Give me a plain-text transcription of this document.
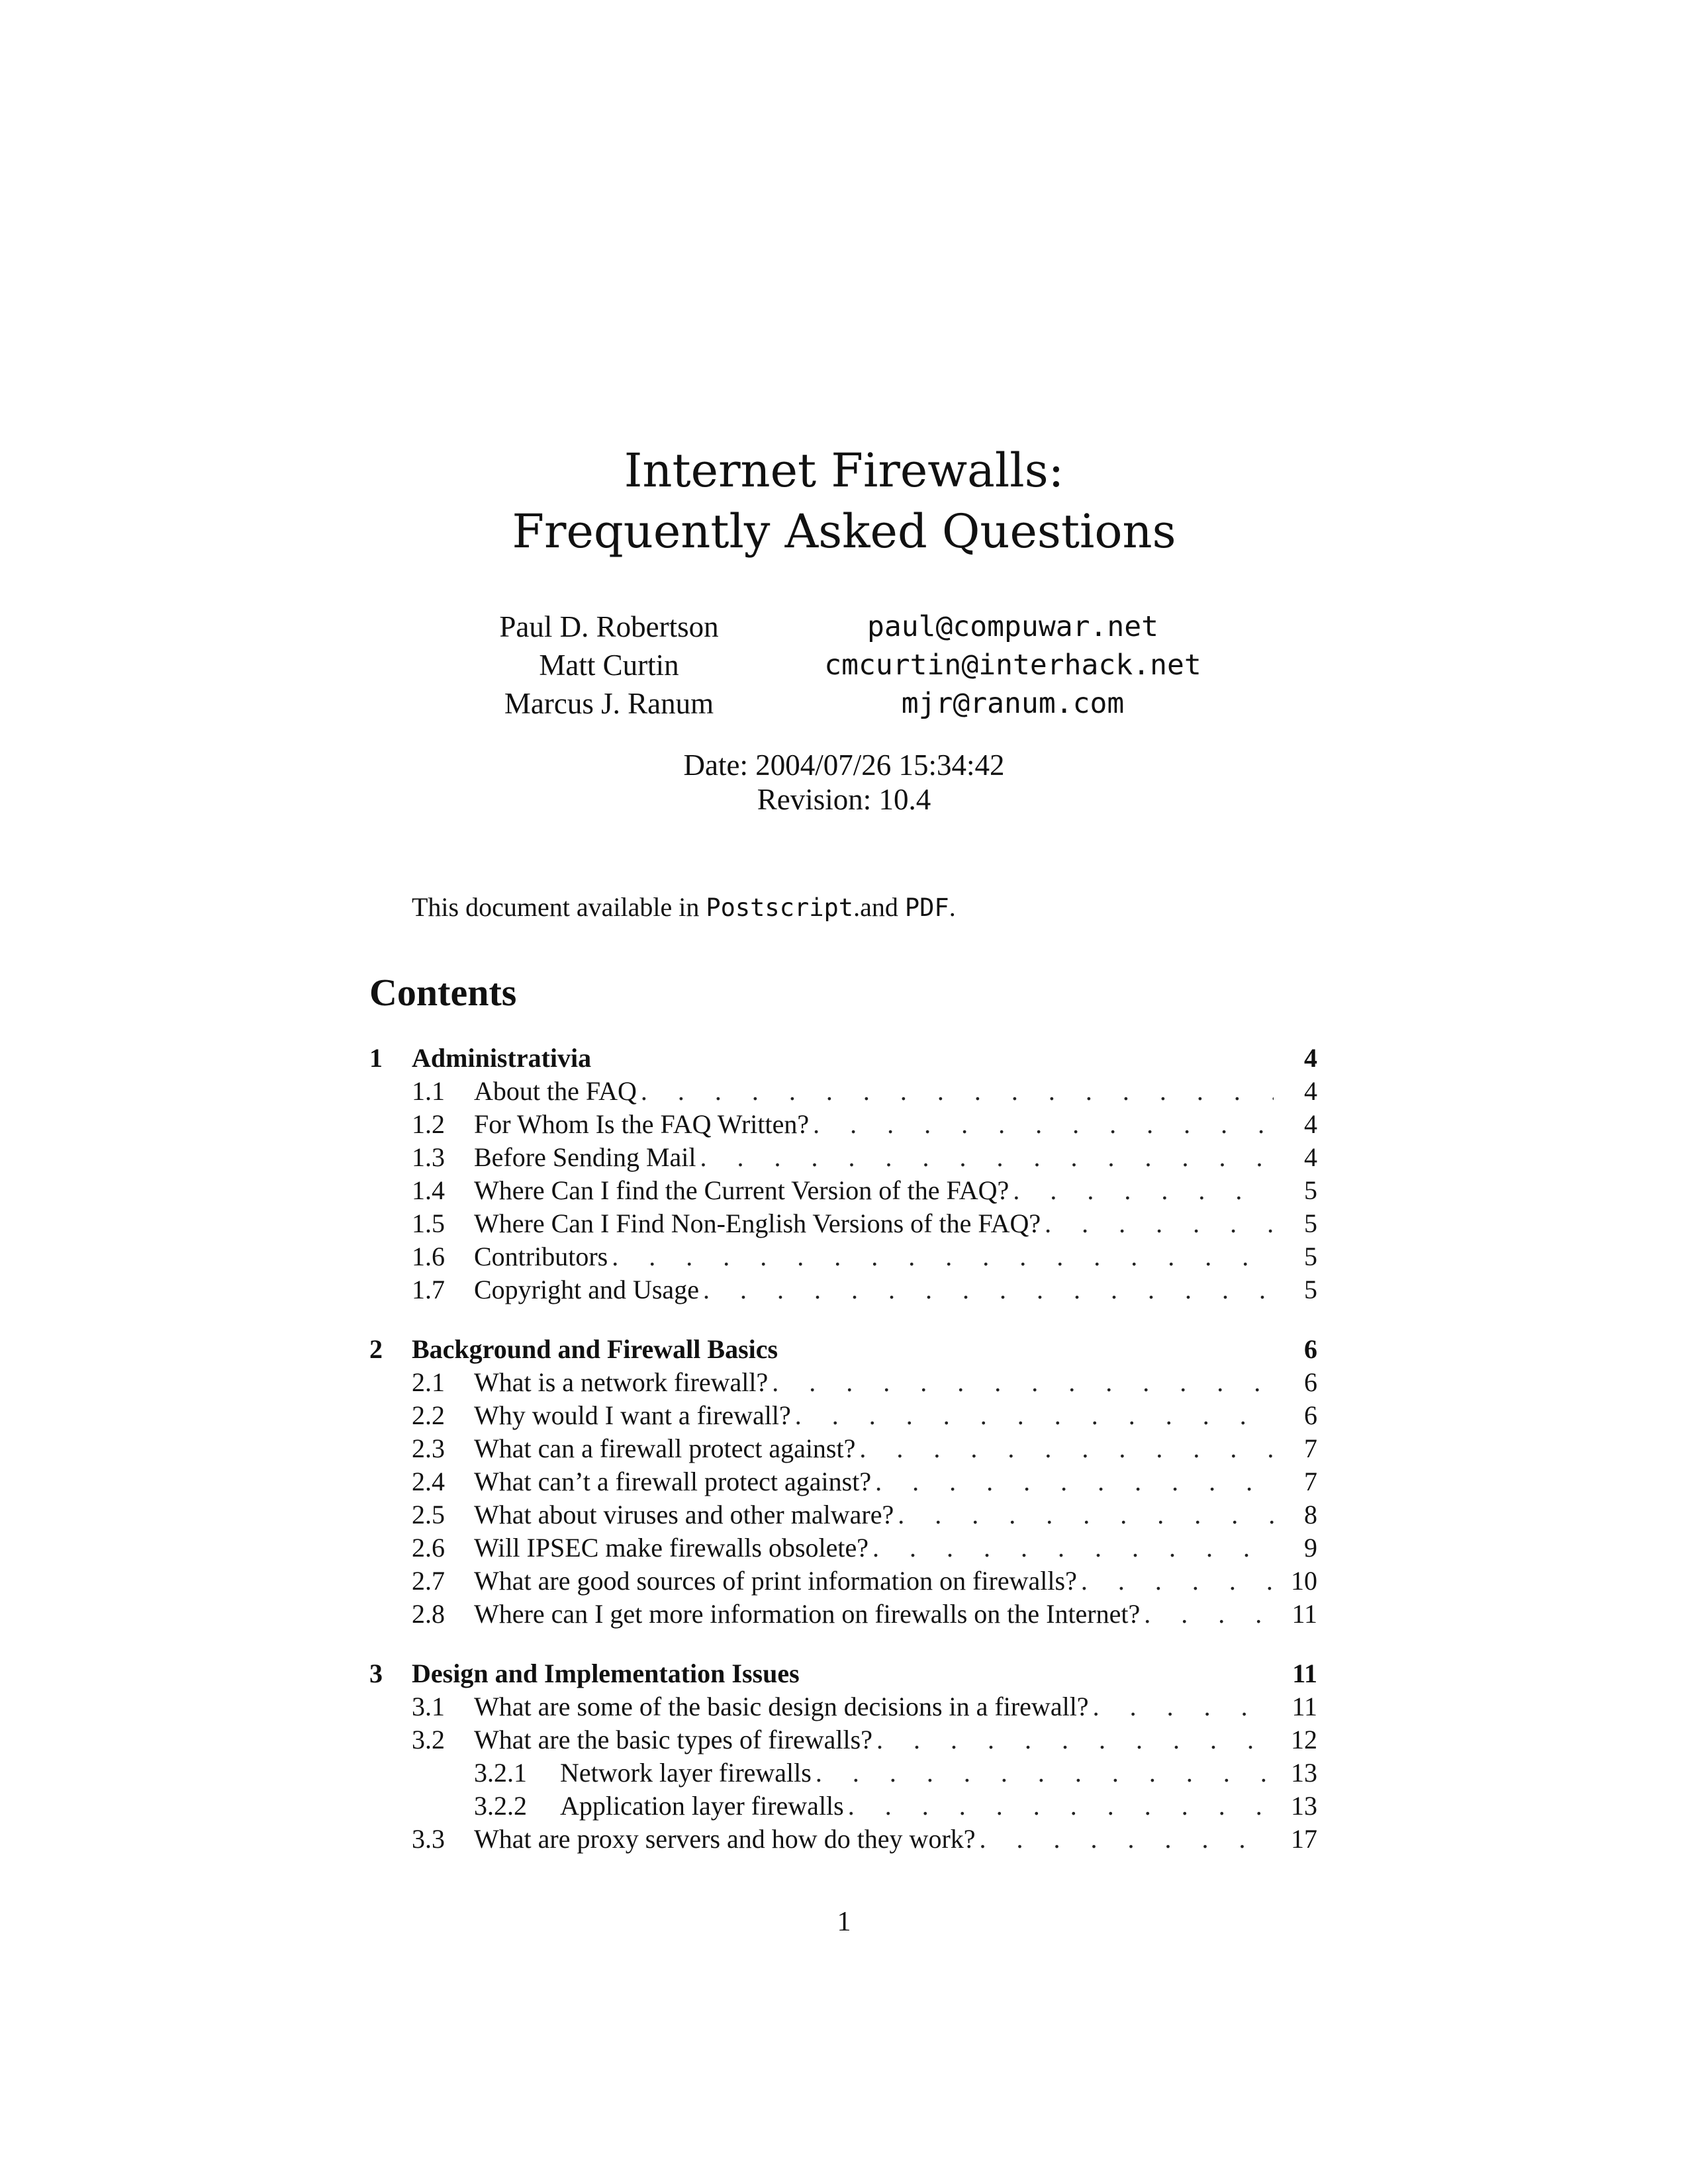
Internet Firewalls:
Frequently Asked Questions
Paul D. Robertson	paul@compuwar.net
Matt Curtin	cmcurtin@interhack.net
Marcus J. Ranum	mjr@ranum.com
Date: 2004/07/26 15:34:42
Revision: 10.4
This document available in Postscript.and PDF.
Contents
1	Administrativia	4
1.1	About the FAQ . . .	4
1.2	For Whom Is the FAQ Written? . . .	4
1.3	Before Sending Mail . . .	4
1.4	Where Can I find the Current Version of the FAQ? . . .	5
1.5	Where Can I Find Non-English Versions of the FAQ? . . .	5
1.6	Contributors . . .	5
1.7	Copyright and Usage . . .	5
2	Background and Firewall Basics	6
2.1	What is a network firewall? . . .	6
2.2	Why would I want a firewall? . . .	6
2.3	What can a firewall protect against? . . .	7
2.4	What can’t a firewall protect against? . . .	7
2.5	What about viruses and other malware? . . .	8
2.6	Will IPSEC make firewalls obsolete? . . .	9
2.7	What are good sources of print information on firewalls? . . .	10
2.8	Where can I get more information on firewalls on the Internet? . . .	11
3	Design and Implementation Issues	11
3.1	What are some of the basic design decisions in a firewall? . . .	11
3.2	What are the basic types of firewalls? . . .	12
3.2.1	Network layer firewalls . . .	13
3.2.2	Application layer firewalls . . .	13
3.3	What are proxy servers and how do they work? . . .	17
1
